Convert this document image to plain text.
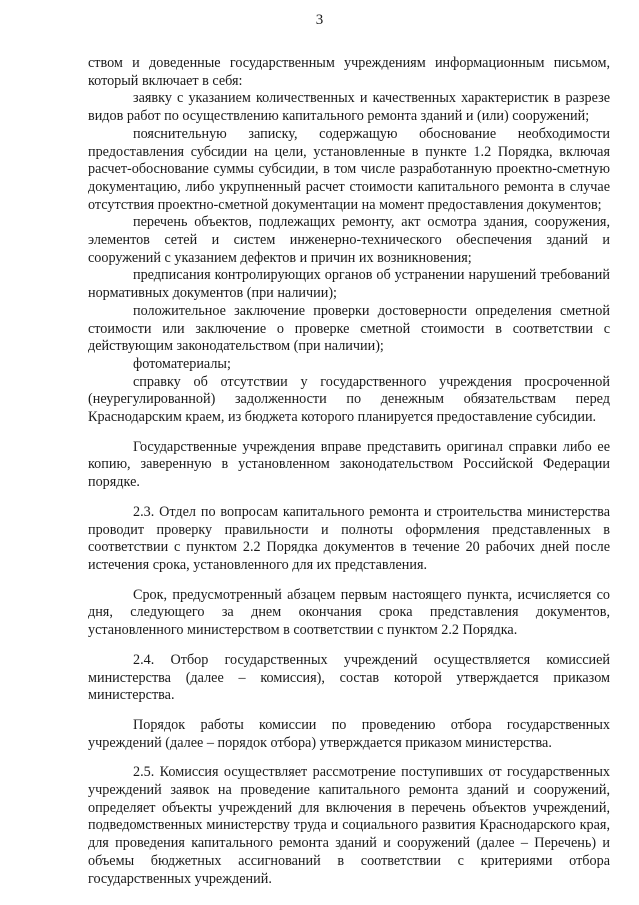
3

ством и доведенные государственным учреждениям информационным письмом, который включает в себя:

заявку с указанием количественных и качественных характеристик в разрезе видов работ по осуществлению капитального ремонта зданий и (или) сооружений;

пояснительную записку, содержащую обоснование необходимости предоставления субсидии на цели, установленные в пункте 1.2 Порядка, включая расчет-обоснование суммы субсидии, в том числе разработанную проектно-сметную документацию, либо укрупненный расчет стоимости капитального ремонта в случае отсутствия проектно-сметной документации на момент предоставления документов;

перечень объектов, подлежащих ремонту, акт осмотра здания, сооружения, элементов сетей и систем инженерно-технического обеспечения зданий и сооружений с указанием дефектов и причин их возникновения;

предписания контролирующих органов об устранении нарушений требований нормативных документов (при наличии);

положительное заключение проверки достоверности определения сметной стоимости или заключение о проверке сметной стоимости в соответствии с действующим законодательством (при наличии);

фотоматериалы;

справку об отсутствии у государственного учреждения просроченной (неурегулированной) задолженности по денежным обязательствам перед Краснодарским краем, из бюджета которого планируется предоставление субсидии.

Государственные учреждения вправе представить оригинал справки либо ее копию, заверенную в установленном законодательством Российской Федерации порядке.

2.3. Отдел по вопросам капитального ремонта и строительства министерства проводит проверку правильности и полноты оформления представленных в соответствии с пунктом 2.2 Порядка документов в течение 20 рабочих дней после истечения срока, установленного для их представления.

Срок, предусмотренный абзацем первым настоящего пункта, исчисляется со дня, следующего за днем окончания срока представления документов, установленного министерством в соответствии с пунктом 2.2 Порядка.

2.4. Отбор государственных учреждений осуществляется комиссией министерства (далее – комиссия), состав которой утверждается приказом министерства.

Порядок работы комиссии по проведению отбора государственных учреждений (далее – порядок отбора) утверждается приказом министерства.

2.5. Комиссия осуществляет рассмотрение поступивших от государственных учреждений заявок на проведение капитального ремонта зданий и сооружений, определяет объекты учреждений для включения в перечень объектов учреждений, подведомственных министерству труда и социального развития Краснодарского края, для проведения капитального ремонта зданий и сооружений (далее – Перечень) и объемы бюджетных ассигнований в соответствии с критериями отбора государственных учреждений.
